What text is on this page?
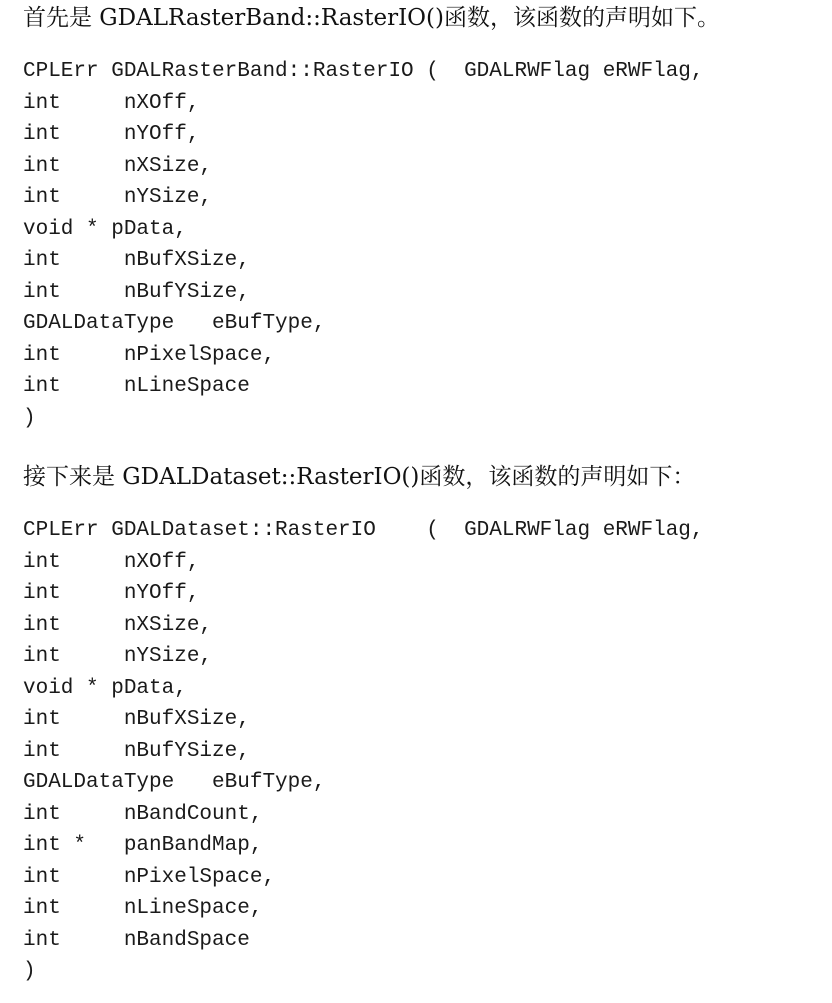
首先是 GDALRasterBand::RasterIO()函数，该函数的声明如下。
CPLErr GDALRasterBand::RasterIO (  GDALRWFlag eRWFlag,
int     nXOff,
int     nYOff,
int     nXSize,
int     nYSize,
void * pData,
int     nBufXSize,
int     nBufYSize,
GDALDataType   eBufType,
int     nPixelSpace,
int     nLineSpace
)
接下来是 GDALDataset::RasterIO()函数，该函数的声明如下：
CPLErr GDALDataset::RasterIO    (  GDALRWFlag eRWFlag,
int     nXOff,
int     nYOff,
int     nXSize,
int     nYSize,
void * pData,
int     nBufXSize,
int     nBufYSize,
GDALDataType   eBufType,
int     nBandCount,
int *   panBandMap,
int     nPixelSpace,
int     nLineSpace,
int     nBandSpace
)
